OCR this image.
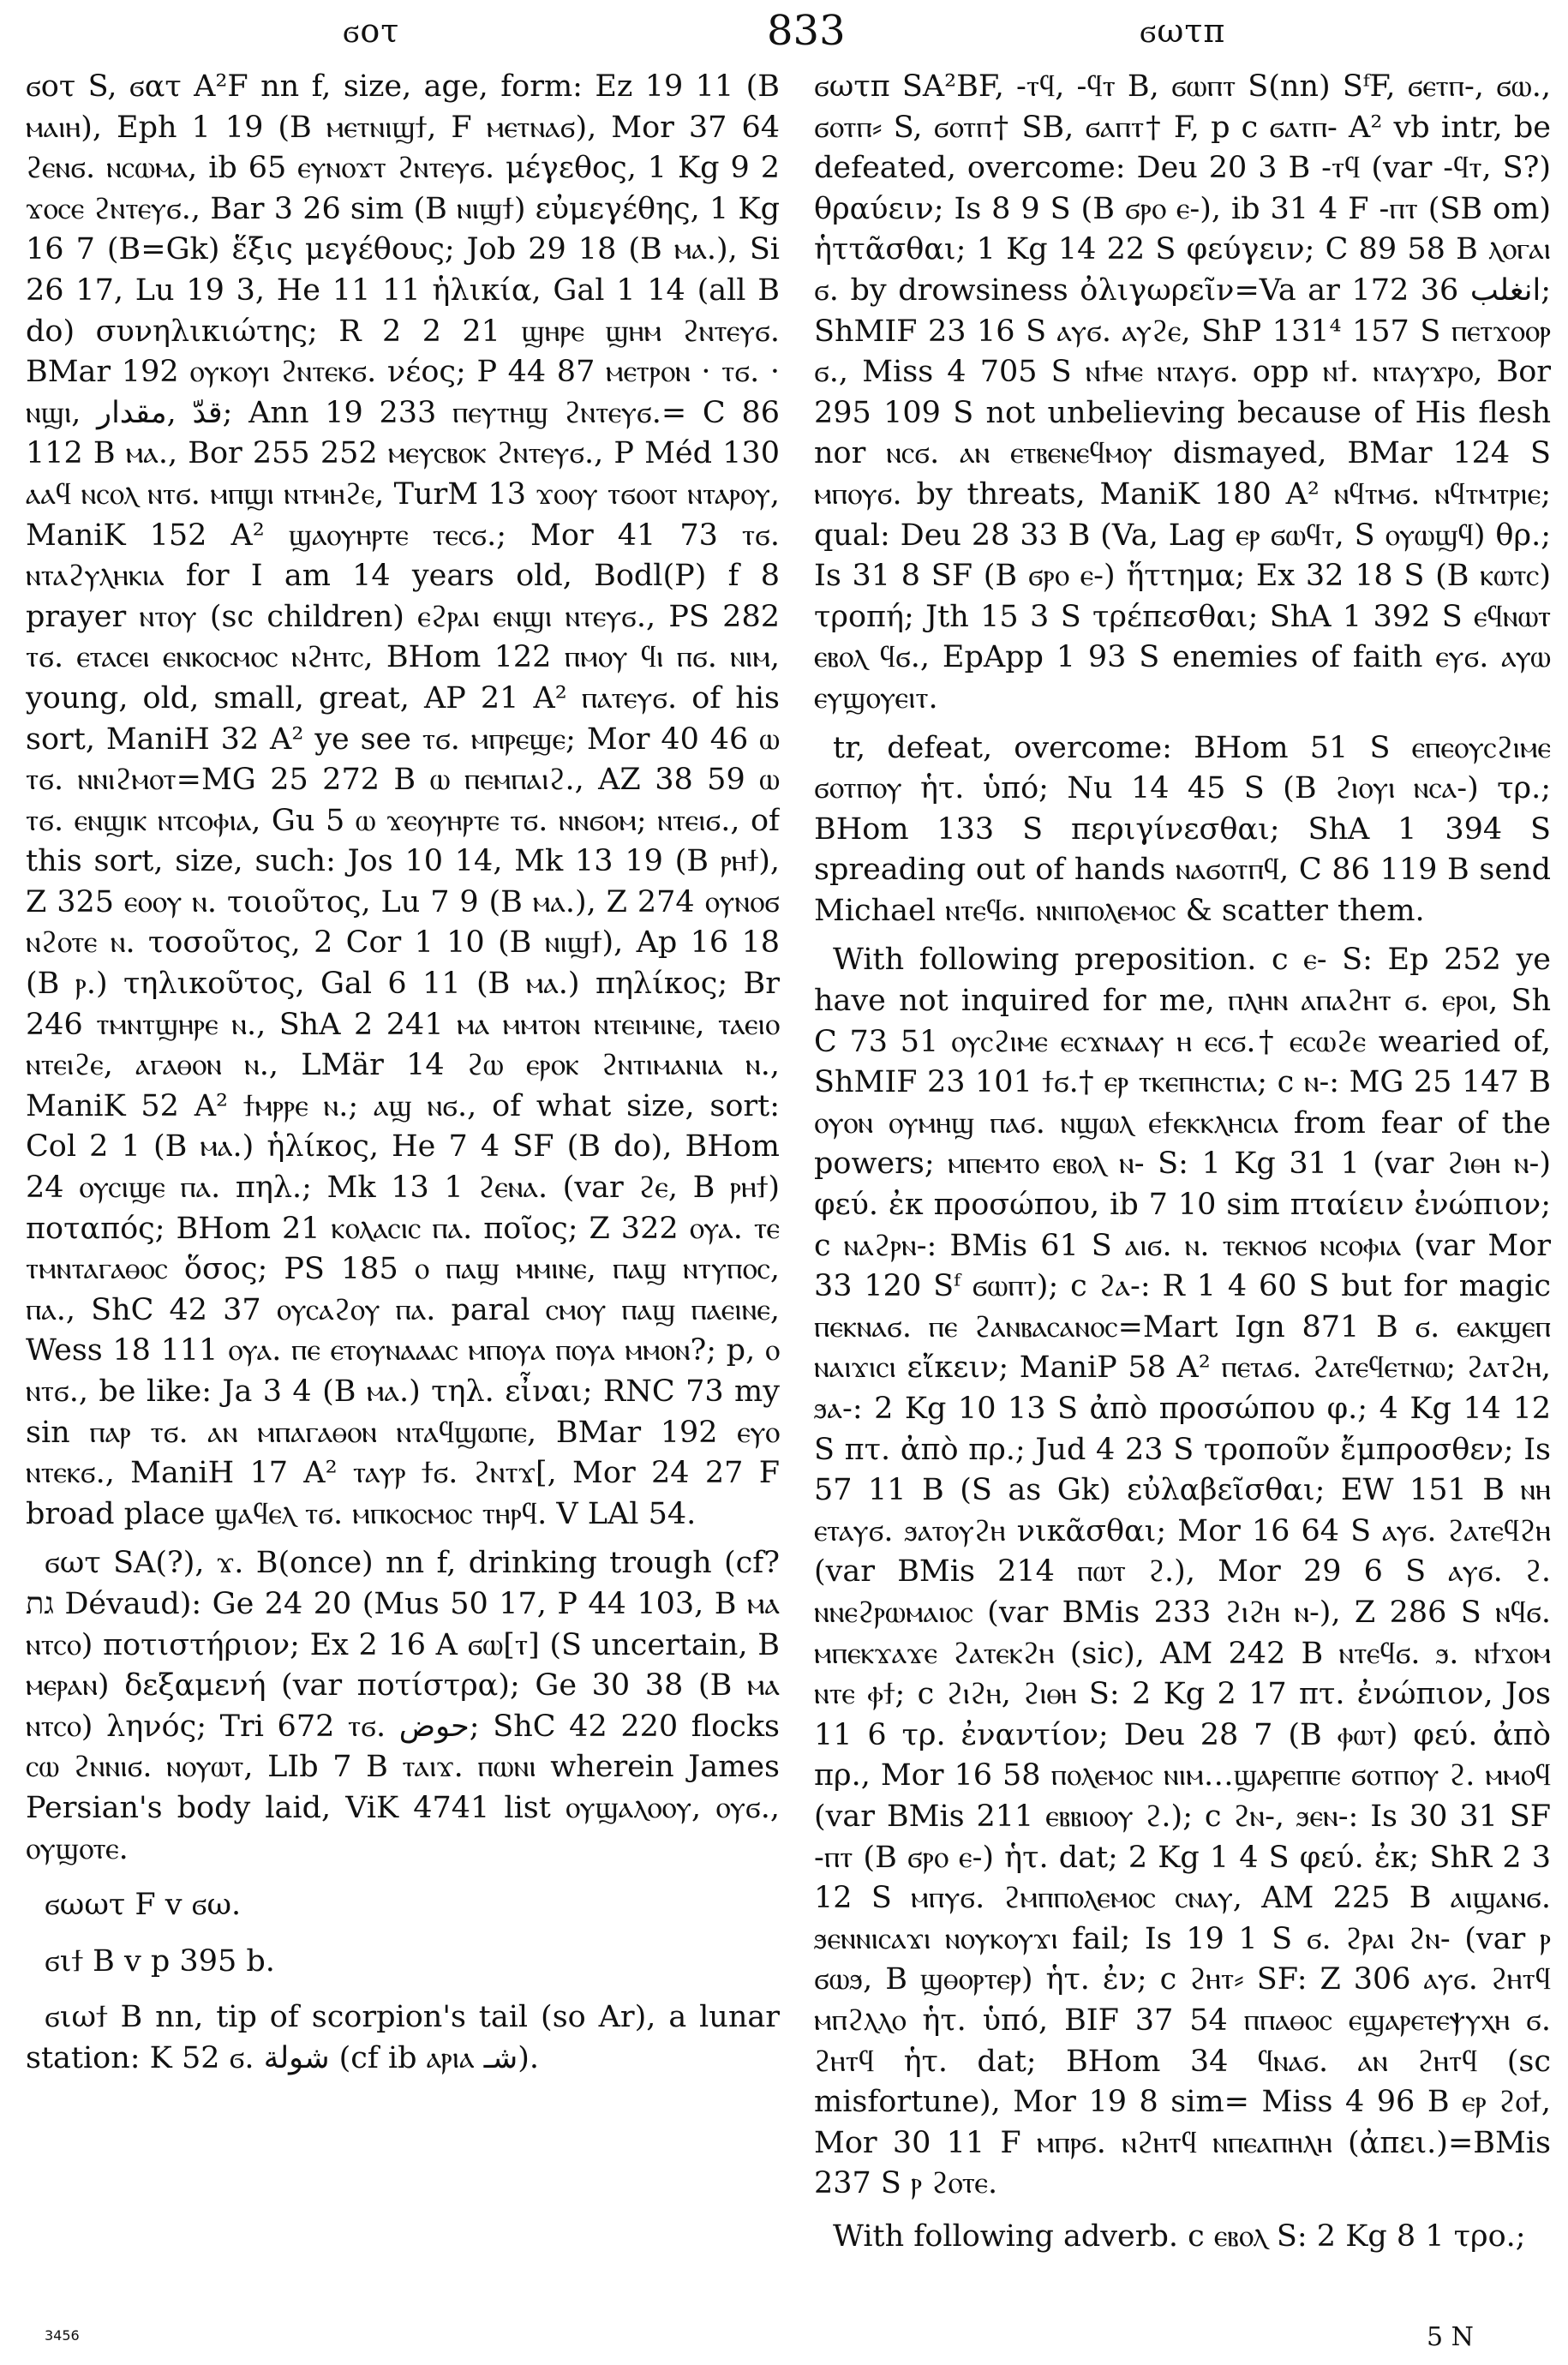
ϭοτ	833	ϭωτπ

ϭοτ S, ϭατ A²F nn f, size, age, form: Ez 19 11 (B ⲙⲁⲓⲏ), Eph 1 19 (B ⲙⲉⲧⲛⲓϣϯ, F ⲙⲉⲧⲛⲁϭ), Mor 37 64 ϩⲉⲛϭ. ⲛⲥⲱⲙⲁ, ib 65 ⲉⲩⲛⲟϫⲧ ϩⲛⲧⲉⲩϭ. μέγεθος, 1 Kg 9 2 ϫⲟⲥⲉ ϩⲛⲧⲉⲩϭ., Bar 3 26 sim (B ⲛⲓϣϯ) εὐμεγέθης, 1 Kg 16 7 (B=Gk) ἕξις μεγέθους; Job 29 18 (B ⲙⲁ.), Si 26 17, Lu 19 3, He 11 11 ἡλικία, Gal 1 14 (all B do) συνηλικιώτης; R 2 2 21 ϣⲏⲣⲉ ϣⲏⲙ ϩⲛⲧⲉⲩϭ. BMar 192 ⲟⲩⲕⲟⲩⲓ ϩⲛⲧⲉⲕϭ. νέος; P 44 87 ⲙⲉⲧⲣⲟⲛ · ⲧϭ. · ⲛϣⲓ, قدّ ,مقدار; Ann 19 233 ⲡⲉⲩⲧⲏϣ ϩⲛⲧⲉⲩϭ.= C 86 112 B ⲙⲁ., Bor 255 252 ⲙⲉⲩⲥⲃⲟⲕ ϩⲛⲧⲉⲩϭ., P Méd 130 ⲁⲁϥ ⲛⲥⲟⲗ ⲛⲧϭ. ⲙⲡϣⲓ ⲛⲧⲙⲏϩⲉ, TurM 13 ϫⲟⲟⲩ ⲧϭⲟⲟⲧ ⲛⲧⲁⲣⲟⲩ, ManiK 152 A² ϣⲁⲟⲩⲏⲣⲧⲉ ⲧⲉⲥϭ.; Mor 41 73 ⲧϭ. ⲛⲧⲁϩⲩⲗⲏⲕⲓⲁ for I am 14 years old, Bodl(P) f 8 prayer ⲛⲧⲟⲩ (sc children) ⲉϩⲣⲁⲓ ⲉⲛϣⲓ ⲛⲧⲉⲩϭ., PS 282 ⲧϭ. ⲉⲧⲁⲥⲉⲓ ⲉⲛⲕⲟⲥⲙⲟⲥ ⲛϩⲏⲧⲥ, BHom 122 ⲡⲙⲟⲩ ϥⲓ ⲡϭ. ⲛⲓⲙ, young, old, small, great, AP 21 A² ⲡⲁⲧⲉⲩϭ. of his sort, ManiH 32 A² ye see ⲧϭ. ⲙⲡⲣⲉϣⲉ; Mor 40 46 ⲱ ⲧϭ. ⲛⲛⲓϩⲙⲟⲧ=MG 25 272 B ⲱ ⲡⲉⲙⲡⲁⲓϩ., AZ 38 59 ⲱ ⲧϭ. ⲉⲛϣⲓⲕ ⲛⲧⲥⲟⲫⲓⲁ, Gu 5 ⲱ ϫⲉⲟⲩⲏⲣⲧⲉ ⲧϭ. ⲛⲛϭⲟⲙ; ⲛⲧⲉⲓϭ., of this sort, size, such: Jos 10 14, Mk 13 19 (B ⲣⲏϯ), Z 325 ⲉⲟⲟⲩ ⲛ. τοιοῦτος, Lu 7 9 (B ⲙⲁ.), Z 274 ⲟⲩⲛⲟϭ ⲛϩⲟⲧⲉ ⲛ. τοσοῦτος, 2 Cor 1 10 (B ⲛⲓϣϯ), Ap 16 18 (B ⲣ.) τηλικοῦτος, Gal 6 11 (B ⲙⲁ.) πηλίκος; Br 246 ⲧⲙⲛⲧϣⲏⲣⲉ ⲛ., ShA 2 241 ⲙⲁ ⲙⲙⲧⲟⲛ ⲛⲧⲉⲓⲙⲓⲛⲉ, ⲧⲁⲉⲓⲟ ⲛⲧⲉⲓϩⲉ, ⲁⲅⲁⲑⲟⲛ ⲛ., LMär 14 ϩⲱ ⲉⲣⲟⲕ ϩⲛⲧⲓⲙⲁⲛⲓⲁ ⲛ., ManiK 52 A² ϯⲙⲣⲣⲉ ⲛ.; ⲁϣ ⲛϭ., of what size, sort: Col 2 1 (B ⲙⲁ.) ἡλίκος, He 7 4 SF (B do), BHom 24 ⲟⲩⲥⲓϣⲉ ⲡⲁ. πηλ.; Mk 13 1 ϩⲉⲛⲁ. (var ϩⲉ, B ⲣⲏϯ) ποταπός; BHom 21 ⲕⲟⲗⲁⲥⲓⲥ ⲡⲁ. ποῖος; Z 322 ⲟⲩⲁ. ⲧⲉ ⲧⲙⲛⲧⲁⲅⲁⲑⲟⲥ ὅσος; PS 185 ⲟ ⲡⲁϣ ⲙⲙⲓⲛⲉ, ⲡⲁϣ ⲛⲧⲩⲡⲟⲥ, ⲡⲁ., ShC 42 37 ⲟⲩⲥⲁϩⲟⲩ ⲡⲁ. paral ⲥⲙⲟⲩ ⲡⲁϣ ⲡⲁⲉⲓⲛⲉ, Wess 18 111 ⲟⲩⲁ. ⲡⲉ ⲉⲧⲟⲩⲛⲁⲁⲁⲥ ⲙⲡⲟⲩⲁ ⲡⲟⲩⲁ ⲙⲙⲟⲛ?; p, ⲟ ⲛⲧϭ., be like: Ja 3 4 (B ⲙⲁ.) τηλ. εἶναι; RNC 73 my sin ⲡⲁⲣ ⲧϭ. ⲁⲛ ⲙⲡⲁⲅⲁⲑⲟⲛ ⲛⲧⲁϥϣⲱⲡⲉ, BMar 192 ⲉⲩⲟ ⲛⲧⲉⲕϭ., ManiH 17 A² ⲧⲁⲩⲣ ϯϭ. ϩⲛⲧϫ[, Mor 24 27 F broad place ϣⲁϥⲉⲗ ⲧϭ. ⲙⲡⲕⲟⲥⲙⲟⲥ ⲧⲏⲣϥ. V LAl 54.

ϭωτ SA(?), ϫ. B(once) nn f, drinking trough (cf? גת Dévaud): Ge 24 20 (Mus 50 17, P 44 103, B ⲙⲁ ⲛⲧⲥⲟ) ποτιστήριον; Ex 2 16 A ϭⲱ[ⲧ] (S uncertain, B ⲙⲉⲣⲁⲛ) δεξαμενή (var ποτίστρα); Ge 30 38 (B ⲙⲁ ⲛⲧⲥⲟ) ληνός; Tri 672 ⲧϭ. حوض; ShC 42 220 flocks ⲥⲱ ϩⲛⲛⲓϭ. ⲛⲟⲩⲱⲧ, LIb 7 B ⲧⲁⲓϫ. ⲡⲱⲛⲓ wherein James Persian's body laid, ViK 4741 list ⲟⲩϣⲁⲗⲟⲟⲩ, ⲟⲩϭ., ⲟⲩϣⲟⲧⲉ.

ϭωωτ F v ϭω.

ϭιϯ B v p 395 b.

ϭιωϯ B nn, tip of scorpion's tail (so Ar), a lunar station: K 52 ϭ. شولة (cf ib ⲁⲣⲓⲁ شـ).

ϭωτπ SA²BF, -ⲧϥ, -ϥⲧ B, ϭⲱⲡⲧ S(nn) SᶠF, ϭⲉⲧⲡ-, ϭⲱ., ϭⲟⲧⲡ⸗ S, ϭⲟⲧⲡ† SB, ϭⲁⲡⲧ† F, p c ϭⲁⲧⲡ- A² vb intr, be defeated, overcome: Deu 20 3 B -ⲧϥ (var -ϥⲧ, S?) θραύειν; Is 8 9 S (B ϭⲣⲟ ⲉ-), ib 31 4 F -ⲡⲧ (SB om) ἡττᾶσθαι; 1 Kg 14 22 S φεύγειν; C 89 58 B ⲗⲟⲅⲁⲓ ϭ. by drowsiness ὀλιγωρεῖν=Va ar 172 36 انغلب; ShMIF 23 16 S ⲁⲩϭ. ⲁⲩϩⲉ, ShP 131⁴ 157 S ⲡⲉⲧϫⲟⲟⲣ ϭ., Miss 4 705 S ⲛϯⲙⲉ ⲛⲧⲁⲩϭ. opp ⲛϯ. ⲛⲧⲁⲩϫⲣⲟ, Bor 295 109 S not unbelieving because of His flesh nor ⲛⲥϭ. ⲁⲛ ⲉⲧⲃⲉⲛⲉϥⲙⲟⲩ dismayed, BMar 124 S ⲙⲡⲟⲩϭ. by threats, ManiK 180 A² ⲛϥⲧⲙϭ. ⲛϥⲧⲙⲧⲣⲓⲉ; qual: Deu 28 33 B (Va, Lag ⲉⲣ ϭⲱϥⲧ, S ⲟⲩⲱϣϥ) θρ.; Is 31 8 SF (B ϭⲣⲟ ⲉ-) ἥττημα; Ex 32 18 S (B ⲕⲱⲧⲥ) τροπή; Jth 15 3 S τρέπεσθαι; ShA 1 392 S ⲉϥⲛⲱⲧ ⲉⲃⲟⲗ ϥϭ., EpApp 1 93 S enemies of faith ⲉⲩϭ. ⲁⲩⲱ ⲉⲩϣⲟⲩⲉⲓⲧ.

tr, defeat, overcome: BHom 51 S ⲉⲡⲉⲟⲩⲥϩⲓⲙⲉ ϭⲟⲧⲡⲟⲩ ἡτ. ὑπό; Nu 14 45 S (B ϩⲓⲟⲩⲓ ⲛⲥⲁ-) τρ.; BHom 133 S περιγίνεσθαι; ShA 1 394 S spreading out of hands ⲛⲁϭⲟⲧⲡϥ, C 86 119 B send Michael ⲛⲧⲉϥϭ. ⲛⲛⲓⲡⲟⲗⲉⲙⲟⲥ & scatter them.

With following preposition. c ⲉ- S: Ep 252 ye have not inquired for me, ⲡⲗⲏⲛ ⲁⲡⲁϩⲏⲧ ϭ. ⲉⲣⲟⲓ, Sh C 73 51 ⲟⲩⲥϩⲓⲙⲉ ⲉⲥϫⲛⲁⲁⲩ ⲏ ⲉⲥϭ.† ⲉⲥⲱϩⲉ wearied of, ShMIF 23 101 ϯϭ.† ⲉⲣ ⲧⲕⲉⲡⲏⲥⲧⲓⲁ; c ⲛ-: MG 25 147 B ⲟⲩⲟⲛ ⲟⲩⲙⲏϣ ⲡⲁϭ. ⲛϣⲱⲗ ⲉϯⲉⲕⲕⲗⲏⲥⲓⲁ from fear of the powers; ⲙⲡⲉⲙⲧⲟ ⲉⲃⲟⲗ ⲛ- S: 1 Kg 31 1 (var ϩⲓⲑⲏ ⲛ-) φεύ. ἐκ προσώπου, ib 7 10 sim πταίειν ἐνώπιον; c ⲛⲁϩⲣⲛ-: BMis 61 S ⲁⲓϭ. ⲛ. ⲧⲉⲕⲛⲟϭ ⲛⲥⲟⲫⲓⲁ (var Mor 33 120 Sᶠ ϭⲱⲡⲧ); c ϩⲁ-: R 1 4 60 S but for magic ⲡⲉⲕⲛⲁϭ. ⲡⲉ ϩⲁⲛⲃⲁⲥⲁⲛⲟⲥ=Mart Ign 871 B ϭ. ⲉⲁⲕϣⲉⲡ ⲛⲁⲓϫⲓⲥⲓ εἴκειν; ManiP 58 A² ⲡⲉⲧⲁϭ. ϩⲁⲧⲉϥⲉⲧⲛⲱ; ϩⲁⲧϩⲏ, ϧⲁ-: 2 Kg 10 13 S ἀπὸ προσώπου φ.; 4 Kg 14 12 S πτ. ἀπὸ πρ.; Jud 4 23 S τροποῦν ἔμπροσθεν; Is 57 11 B (S as Gk) εὐλαβεῖσθαι; EW 151 B ⲛⲏ ⲉⲧⲁⲩϭ. ϧⲁⲧⲟⲩϩⲏ νικᾶσθαι; Mor 16 64 S ⲁⲩϭ. ϩⲁⲧⲉϥϩⲏ (var BMis 214 ⲡⲱⲧ ϩ.), Mor 29 6 S ⲁⲩϭ. ϩ. ⲛⲛⲉϩⲣⲱⲙⲁⲓⲟⲥ (var BMis 233 ϩⲓϩⲏ ⲛ-), Z 286 S ⲛϥϭ. ⲙⲡⲉⲕϫⲁϫⲉ ϩⲁⲧⲉⲕϩⲏ (sic), AM 242 B ⲛⲧⲉϥϭ. ϧ. ⲛϯϫⲟⲙ ⲛⲧⲉ ⲫϯ; c ϩⲓϩⲏ, ϩⲓⲑⲏ S: 2 Kg 2 17 πτ. ἐνώπιον, Jos 11 6 τρ. ἐναντίον; Deu 28 7 (B ⲫⲱⲧ) φεύ. ἀπὸ πρ., Mor 16 58 ⲡⲟⲗⲉⲙⲟⲥ ⲛⲓⲙ…ϣⲁⲣⲉⲡⲡⲉ ϭⲟⲧⲡⲟⲩ ϩ. ⲙⲙⲟϥ (var BMis 211 ⲉⲃⲃⲓⲟⲟⲩ ϩ.); c ϩⲛ-, ϧⲉⲛ-: Is 30 31 SF -ⲡⲧ (B ϭⲣⲟ ⲉ-) ἡτ. dat; 2 Kg 1 4 S φεύ. ἐκ; ShR 2 3 12 S ⲙⲡⲩϭ. ϩⲙⲡⲡⲟⲗⲉⲙⲟⲥ ⲥⲛⲁⲩ, AM 225 B ⲁⲓϣⲁⲛϭ. ϧⲉⲛⲛⲓⲥⲁϫⲓ ⲛⲟⲩⲕⲟⲩϫⲓ fail; Is 19 1 S ϭ. ϩⲣⲁⲓ ϩⲛ- (var ⲣ ϭⲱϧ, B ϣⲑⲟⲣⲧⲉⲣ) ἡτ. ἐν; c ϩⲏⲧ⸗ SF: Z 306 ⲁⲩϭ. ϩⲏⲧϥ ⲙⲡϩⲗⲗⲟ ἡτ. ὑπό, BIF 37 54 ⲡⲡⲁⲑⲟⲥ ⲉϣⲁⲣⲉⲧⲉⲯⲩⲭⲏ ϭ. ϩⲏⲧϥ ἡτ. dat; BHom 34 ϥⲛⲁϭ. ⲁⲛ ϩⲏⲧϥ (sc misfortune), Mor 19 8 sim= Miss 4 96 B ⲉⲣ ϩⲟϯ, Mor 30 11 F ⲙⲡⲣϭ. ⲛϩⲏⲧϥ ⲛⲡⲉⲁⲡⲏⲗⲏ (ἀπει.)=BMis 237 S ⲣ ϩⲟⲧⲉ.

With following adverb. c ⲉⲃⲟⲗ S: 2 Kg 8 1 τρο.;

3456	5 N
